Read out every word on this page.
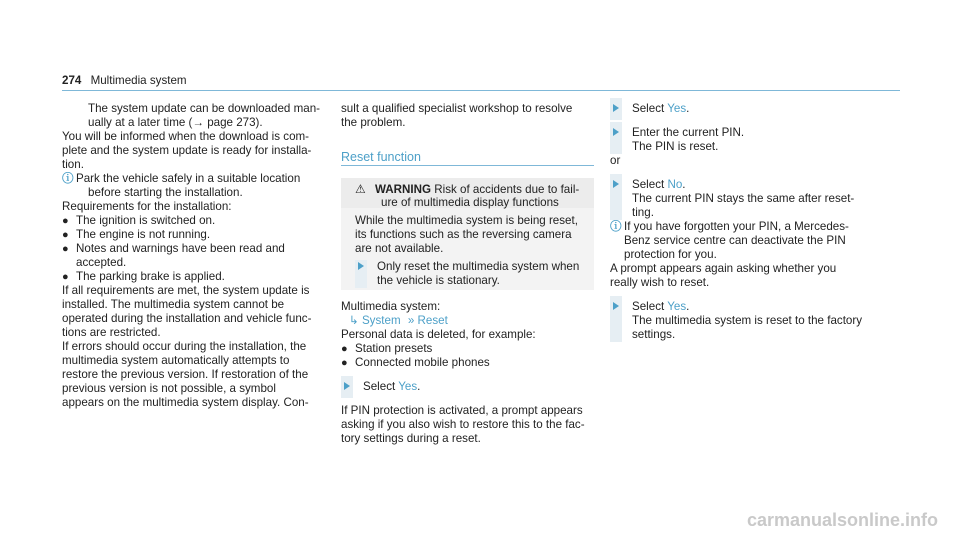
274 Multimedia system

The system update can be downloaded man-

ually at a later time (→ page 273).

You will be informed when the download is com-

plete and the system update is ready for installa-

tion.

ⓘ Park the vehicle safely in a suitable location

before starting the installation.

Requirements for the installation:

● The ignition is switched on.
● The engine is not running.
● Notes and warnings have been read and
accepted.
● The parking brake is applied.

If all requirements are met, the system update is

installed. The multimedia system cannot be

operated during the installation and vehicle func-

tions are restricted.

If errors should occur during the installation, the

multimedia system automatically attempts to

restore the previous version. If restoration of the

previous version is not possible, a symbol

appears on the multimedia system display. Con-

sult a qualified specialist workshop to resolve

the problem.

Reset function
⚠ WARNING Risk of accidents due to fail-
ure of multimedia display functions

While the multimedia system is being reset,

its functions such as the reversing camera

are not available.

Only reset the multimedia system when
the vehicle is stationary.

Multimedia system:

↳ System » Reset

Personal data is deleted, for example:

● Station presets
● Connected mobile phones
Select Yes.

If PIN protection is activated, a prompt appears

asking if you also wish to restore this to the fac-

tory settings during a reset.

Select Yes.
Enter the current PIN.
The PIN is reset.

or

Select No.
The current PIN stays the same after reset-
ting.

ⓘ If you have forgotten your PIN, a Mercedes-

Benz service centre can deactivate the PIN

protection for you.

A prompt appears again asking whether you

really wish to reset.

Select Yes.
The multimedia system is reset to the factory
settings.
carmanualsonline.info
